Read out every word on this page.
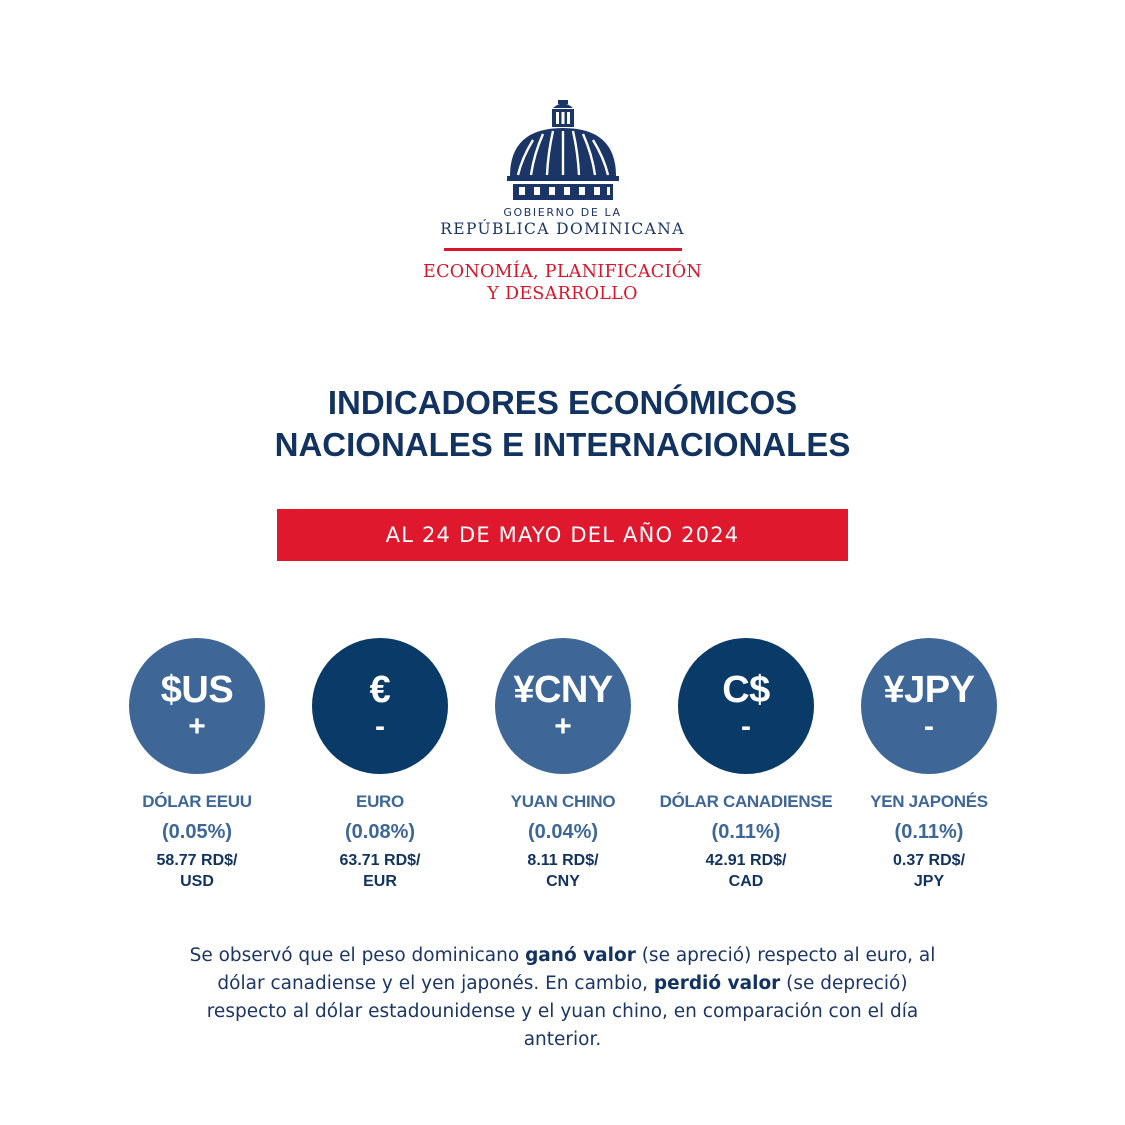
GOBIERNO DE LA
REPÚBLICA DOMINICANA
ECONOMÍA, PLANIFICACIÓN
Y DESARROLLO
INDICADORES ECONÓMICOS
NACIONALES E INTERNACIONALES
AL 24 DE MAYO DEL AÑO 2024
$US
+
DÓLAR EEUU
(0.05%)
58.77 RD$/
USD
€
-
EURO
(0.08%)
63.71 RD$/
EUR
¥CNY
+
YUAN CHINO
(0.04%)
8.11 RD$/
CNY
C$
-
DÓLAR CANADIENSE
(0.11%)
42.91 RD$/
CAD
¥JPY
-
YEN JAPONÉS
(0.11%)
0.37 RD$/
JPY
Se observó que el peso dominicano ganó valor (se apreció) respecto al euro, al dólar canadiense y el yen japonés. En cambio, perdió valor (se depreció) respecto al dólar estadounidense y el yuan chino, en comparación con el día anterior.
